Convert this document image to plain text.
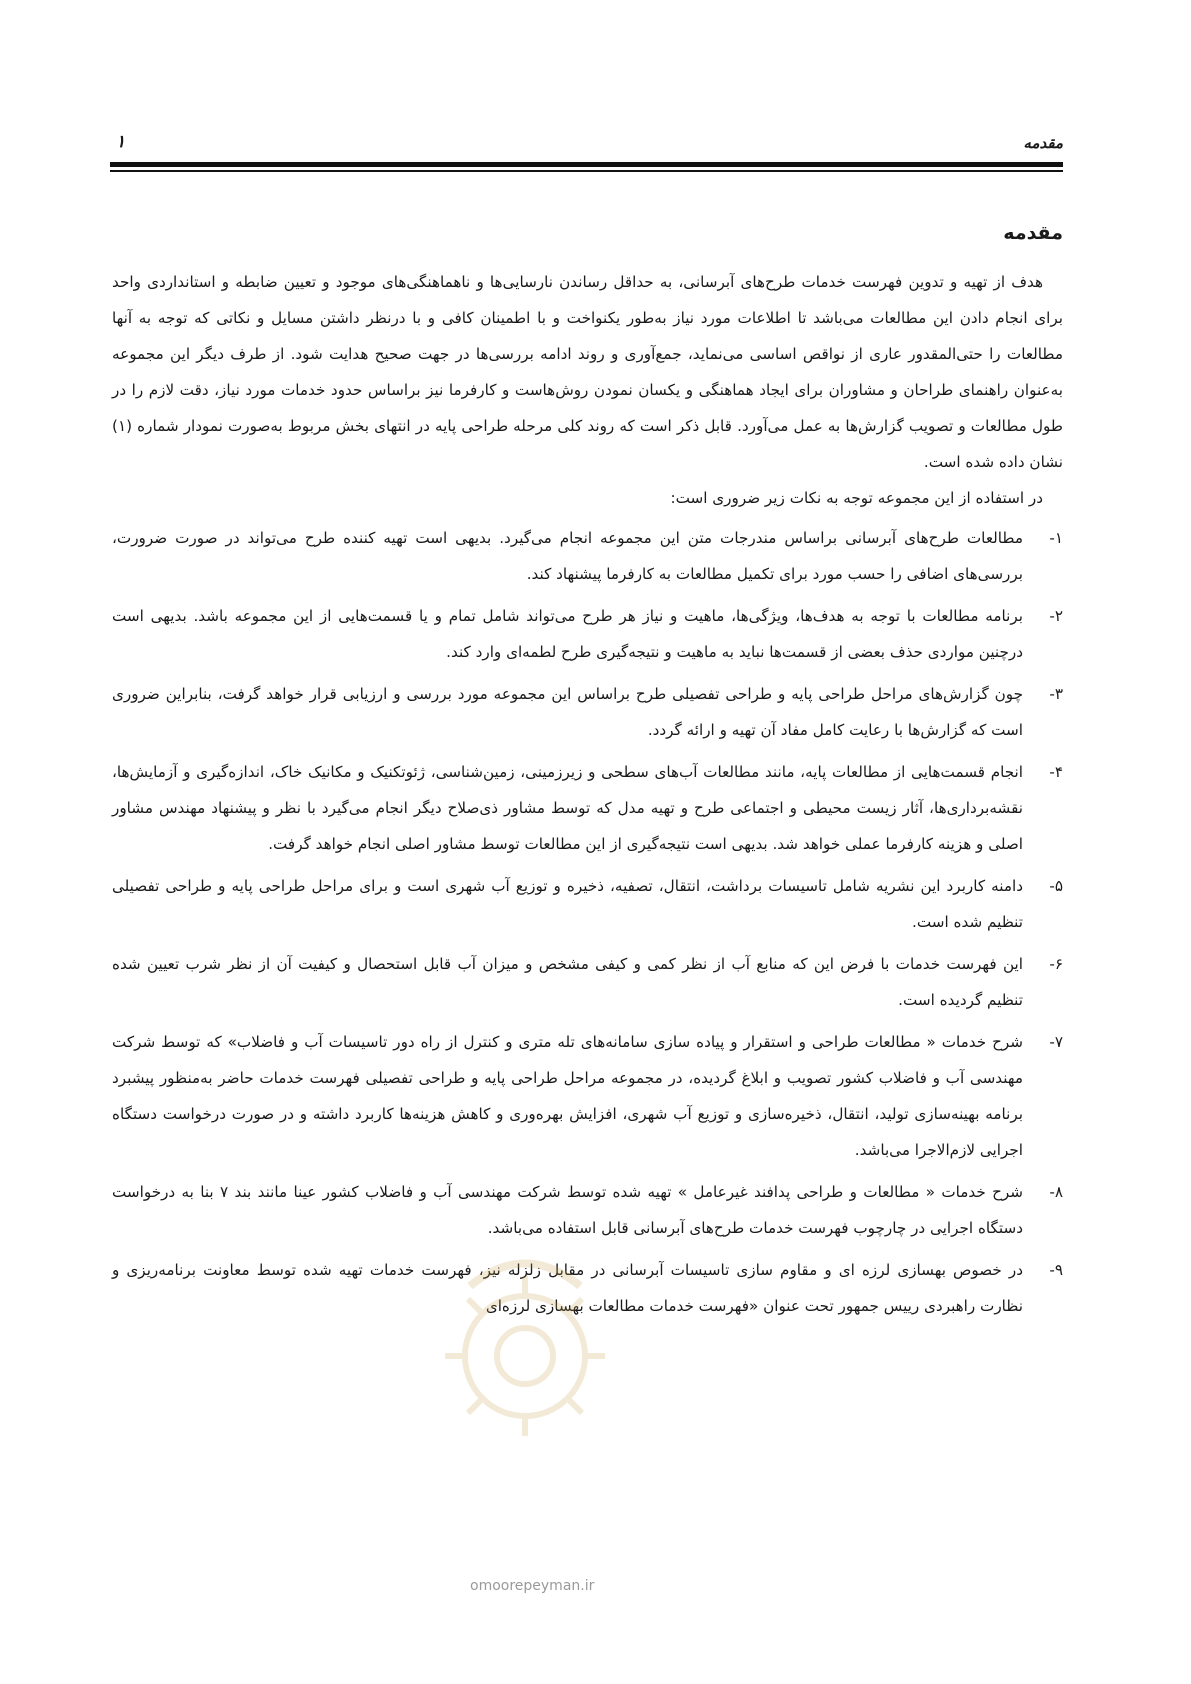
مقدمه
۱
مقدمه

هدف از تهیه و تدوین فهرست خدمات طرح‌های آبرسانی، به حداقل رساندن نارسایی‌ها و ناهماهنگی‌های موجود و تعیین ضابطه و استانداردی واحد برای انجام دادن این مطالعات می‌باشد تا اطلاعات مورد نیاز به‌طور یکنواخت و با اطمینان کافی و با درنظر داشتن مسایل و نکاتی که توجه به آنها مطالعات را حتی‌المقدور عاری از نواقص اساسی می‌نماید، جمع‌آوری و روند ادامه بررسی‌ها در جهت صحیح هدایت شود. از طرف دیگر این مجموعه به‌عنوان راهنمای طراحان و مشاوران برای ایجاد هماهنگی و یکسان نمودن روش‌هاست و کارفرما نیز براساس حدود خدمات مورد نیاز، دقت لازم را در طول مطالعات و تصویب گزارش‌ها به عمل می‌آورد. قابل ذکر است که روند کلی مرحله طراحی پایه در انتهای بخش مربوط به‌صورت نمودار شماره (۱) نشان داده شده است.

در استفاده از این مجموعه توجه به نکات زیر ضروری است:

۱-
مطالعات طرح‌های آبرسانی براساس مندرجات متن این مجموعه انجام می‌گیرد. بدیهی است تهیه کننده طرح می‌تواند در صورت ضرورت، بررسی‌های اضافی را حسب مورد برای تکمیل مطالعات به کارفرما پیشنهاد کند.
۲-
برنامه مطالعات با توجه به هدف‌ها، ویژگی‌ها، ماهیت و نیاز هر طرح می‌تواند شامل تمام و یا قسمت‌هایی از این مجموعه باشد. بدیهی است درچنین مواردی حذف بعضی از قسمت‌ها نباید به ماهیت و نتیجه‌گیری طرح لطمه‌ای وارد کند.
۳-
چون گزارش‌های مراحل طراحی پایه و طراحی تفصیلی طرح براساس این مجموعه مورد بررسی و ارزیابی قرار خواهد گرفت، بنابراین ضروری است که گزارش‌ها با رعایت کامل مفاد آن تهیه و ارائه گردد.
۴-
انجام قسمت‌هایی از مطالعات پایه، مانند مطالعات آب‌های سطحی و زیرزمینی، زمین‌شناسی، ژئوتکنیک و مکانیک خاک، اندازه‌گیری و آزمایش‌ها، نقشه‌برداری‌ها، آثار زیست محیطی و اجتماعی طرح و تهیه مدل که توسط مشاور ذی‌صلاح دیگر انجام می‌گیرد با نظر و پیشنهاد مهندس مشاور اصلی و هزینه کارفرما عملی خواهد شد. بدیهی است نتیجه‌گیری از این مطالعات توسط مشاور اصلی انجام خواهد گرفت.
۵-
دامنه کاربرد این نشریه شامل تاسیسات برداشت، انتقال، تصفیه، ذخیره و توزیع آب شهری است و برای مراحل طراحی پایه و طراحی تفصیلی تنظیم شده است.
۶-
این فهرست خدمات با فرض این که منابع آب از نظر کمی و کیفی مشخص و میزان آب قابل استحصال و کیفیت آن از نظر شرب تعیین شده تنظیم گردیده است.
۷-
شرح خدمات « مطالعات طراحی و استقرار و پیاده سازی سامانه‌های تله متری و کنترل از راه دور تاسیسات آب و فاضلاب» که توسط شرکت مهندسی آب و فاضلاب کشور تصویب و ابلاغ گردیده، در مجموعه مراحل طراحی پایه و طراحی تفصیلی فهرست خدمات حاضر به‌منظور پیشبرد برنامه بهینه‌سازی تولید، انتقال، ذخیره‌سازی و توزیع آب شهری، افزایش بهره‌وری و کاهش هزینه‌ها کاربرد داشته و در صورت درخواست دستگاه اجرایی لازم‌الاجرا می‌باشد.
۸-
شرح خدمات « مطالعات و طراحی پدافند غیرعامل » تهیه شده توسط شرکت مهندسی آب و فاضلاب کشور عینا مانند بند ۷ بنا به درخواست دستگاه اجرایی در چارچوب فهرست خدمات طرح‌های آبرسانی قابل استفاده می‌باشد.
۹-
در خصوص بهسازی لرزه ای و مقاوم سازی تاسیسات آبرسانی در مقابل زلزله نیز، فهرست خدمات تهیه شده توسط معاونت برنامه‌ریزی و نظارت راهبردی رییس جمهور تحت عنوان «فهرست خدمات مطالعات بهسازی لرزه‌ای
omoorepeyman.ir
